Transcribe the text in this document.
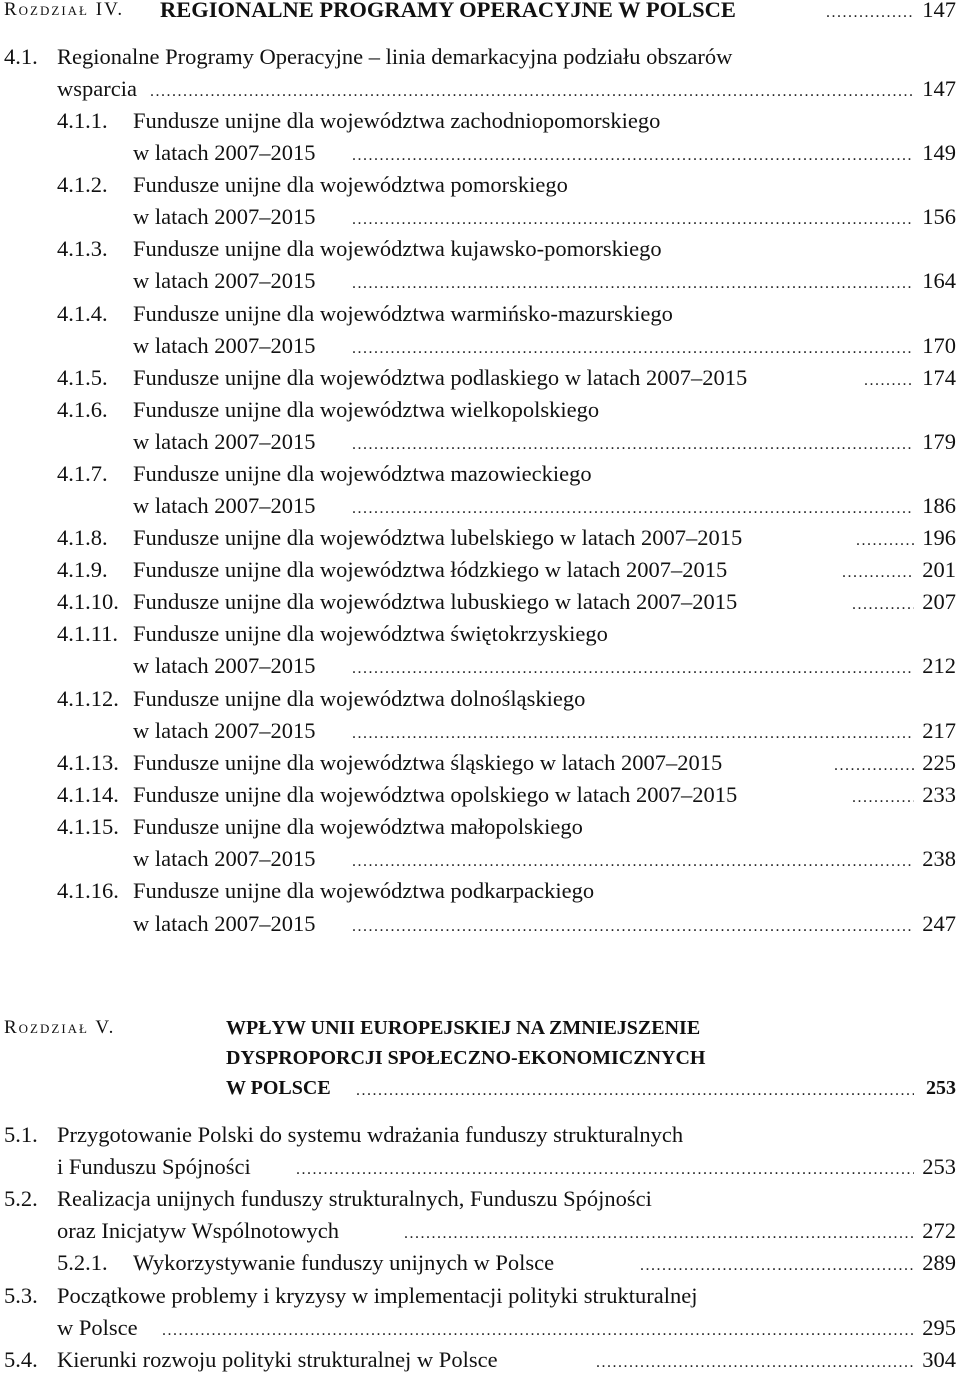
Rozdział IV. REGIONALNE PROGRAMY OPERACYJNE W POLSCE .....	147
4.1. Regionalne Programy Operacyjne – linia demarkacyjna podziału obszarów
wsparcia .....	147
4.1.1. Fundusze unijne dla województwa zachodniopomorskiego
w latach 2007–2015 .....	149
4.1.2. Fundusze unijne dla województwa pomorskiego
w latach 2007–2015 .....	156
4.1.3. Fundusze unijne dla województwa kujawsko-pomorskiego
w latach 2007–2015 .....	164
4.1.4. Fundusze unijne dla województwa warmińsko-mazurskiego
w latach 2007–2015 .....	170
4.1.5. Fundusze unijne dla województwa podlaskiego w latach 2007–2015 .....	174
4.1.6. Fundusze unijne dla województwa wielkopolskiego
w latach 2007–2015 .....	179
4.1.7. Fundusze unijne dla województwa mazowieckiego
w latach 2007–2015 .....	186
4.1.8. Fundusze unijne dla województwa lubelskiego w latach 2007–2015 .....	196
4.1.9. Fundusze unijne dla województwa łódzkiego w latach 2007–2015 .....	201
4.1.10. Fundusze unijne dla województwa lubuskiego w latach 2007–2015 .....	207
4.1.11. Fundusze unijne dla województwa świętokrzyskiego
w latach 2007–2015 .....	212
4.1.12. Fundusze unijne dla województwa dolnośląskiego
w latach 2007–2015 .....	217
4.1.13. Fundusze unijne dla województwa śląskiego w latach 2007–2015 .....	225
4.1.14. Fundusze unijne dla województwa opolskiego w latach 2007–2015 .....	233
4.1.15. Fundusze unijne dla województwa małopolskiego
w latach 2007–2015 .....	238
4.1.16. Fundusze unijne dla województwa podkarpackiego
w latach 2007–2015 .....	247
Rozdział V.	WPŁYW UNII EUROPEJSKIEJ NA ZMNIEJSZENIE
DYSPROPORCJI SPOŁECZNO-EKONOMICZNYCH
W POLSCE .....	253
5.1. Przygotowanie Polski do systemu wdrażania funduszy strukturalnych
i Funduszu Spójności .....	253
5.2. Realizacja unijnych funduszy strukturalnych, Funduszu Spójności
oraz Inicjatyw Wspólnotowych .....	272
5.2.1. Wykorzystywanie funduszy unijnych w Polsce .....	289
5.3. Początkowe problemy i kryzysy w implementacji polityki strukturalnej
w Polsce .....	295
5.4. Kierunki rozwoju polityki strukturalnej w Polsce .....	304
